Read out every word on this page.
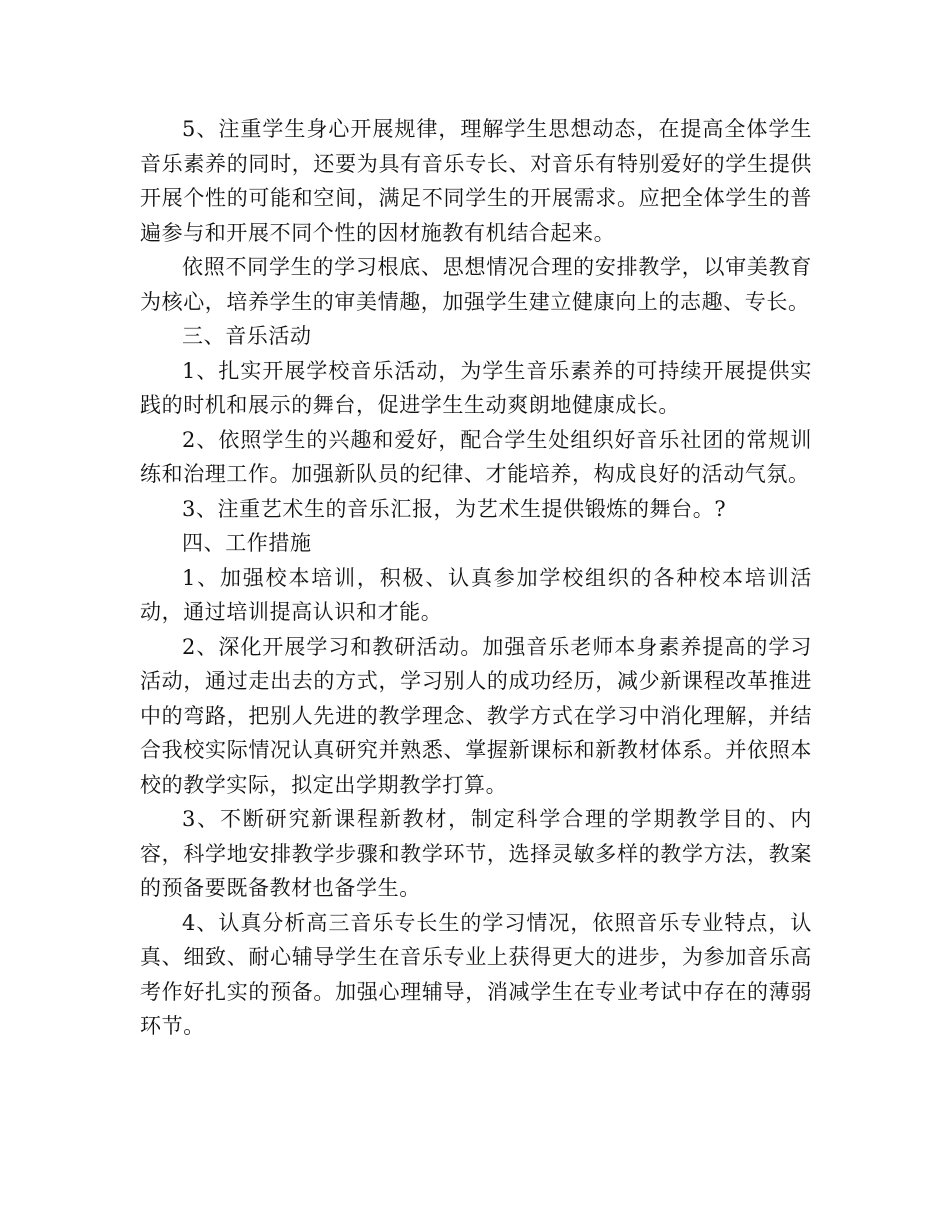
5、注重学生身心开展规律，理解学生思想动态，在提高全体学生音乐素养的同时，还要为具有音乐专长、对音乐有特别爱好的学生提供开展个性的可能和空间，满足不同学生的开展需求。应把全体学生的普遍参与和开展不同个性的因材施教有机结合起来。

依照不同学生的学习根底、思想情况合理的安排教学，以审美教育为核心，培养学生的审美情趣，加强学生建立健康向上的志趣、专长。

三、音乐活动

1、扎实开展学校音乐活动，为学生音乐素养的可持续开展提供实践的时机和展示的舞台，促进学生生动爽朗地健康成长。

2、依照学生的兴趣和爱好，配合学生处组织好音乐社团的常规训练和治理工作。加强新队员的纪律、才能培养，构成良好的活动气氛。

3、注重艺术生的音乐汇报，为艺术生提供锻炼的舞台。?

四、工作措施

1、加强校本培训，积极、认真参加学校组织的各种校本培训活动，通过培训提高认识和才能。

2、深化开展学习和教研活动。加强音乐老师本身素养提高的学习活动，通过走出去的方式，学习别人的成功经历，减少新课程改革推进中的弯路，把别人先进的教学理念、教学方式在学习中消化理解，并结合我校实际情况认真研究并熟悉、掌握新课标和新教材体系。并依照本校的教学实际，拟定出学期教学打算。

3、不断研究新课程新教材，制定科学合理的学期教学目的、内容，科学地安排教学步骤和教学环节，选择灵敏多样的教学方法，教案的预备要既备教材也备学生。

4、认真分析高三音乐专长生的学习情况，依照音乐专业特点，认真、细致、耐心辅导学生在音乐专业上获得更大的进步，为参加音乐高考作好扎实的预备。加强心理辅导，消减学生在专业考试中存在的薄弱环节。
